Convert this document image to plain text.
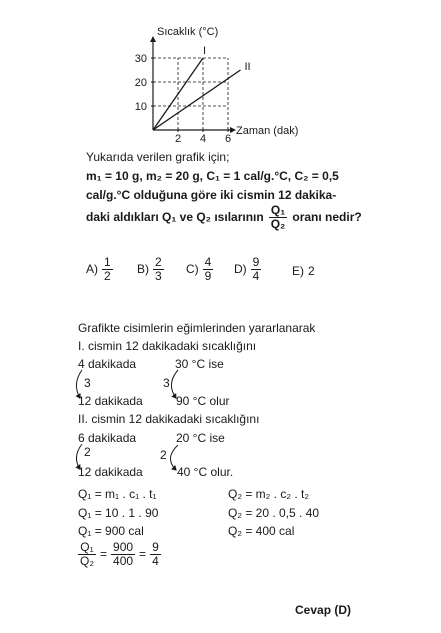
2 4 6
10
20
30
I
II
Sıcaklık (°C)
Zaman (dak)
Yukarıda verilen grafik için;
m₁ = 10 g, m₂ = 20 g, C₁ = 1 cal/g.°C, C₂ = 0,5
cal/g.°C olduğuna göre iki cismin 12 dakika-
daki aldıkları Q₁ ve Q₂ ısılarının $\frac{\text{Q₁}}{\text{Q₂}}$ oranı nedir?
$A) \frac{1}{2} B) \frac{2}{3} C) \frac{4}{9} D) \frac{9}{4}$	E) 2
Grafikte cisimlerin eğimlerinden yararlanarak
I. cismin 12 dakikadaki sıcaklığını
4 dakikada
3
12 dakikada
30 °C ise
3
90 °C olur
II. cismin 12 dakikadaki sıcaklığını
6 dakikada
2
12 dakikada
20 °C ise
2
40 °C olur.
Q₁ = m₁ . c₁ . t₁
Q₁ = 10 . 1 . 90
Q₁ = 900 cal
Q₂ = m₂ . c₂ . t₂
Q₂ = 20 . 0,5 . 40
Q₂ = 400 cal
$\frac{\text{Q₁}}{\text{Q₂}} = \frac{900}{400} = \frac{9}{4}$
Cevap (D)
